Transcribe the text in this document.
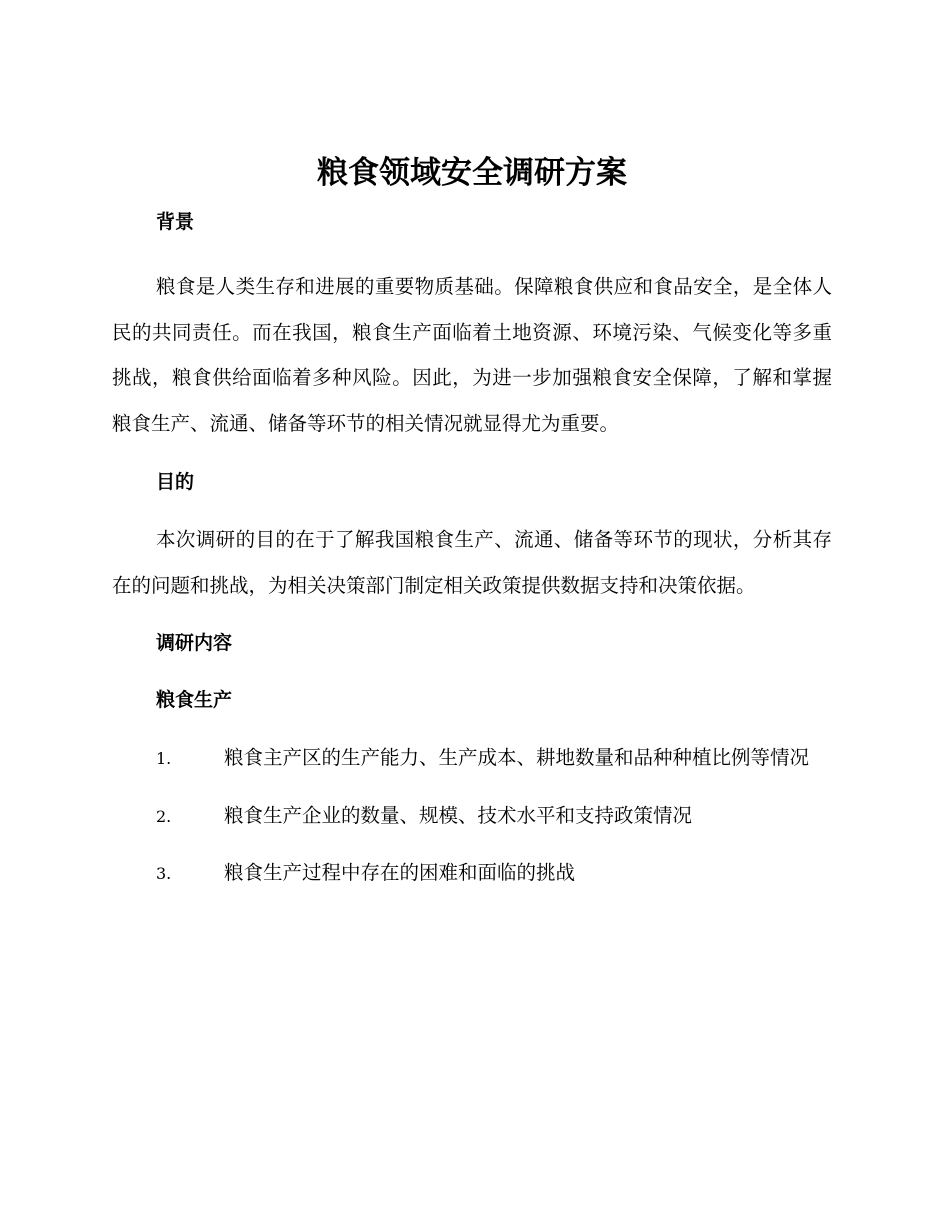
粮食领域安全调研方案
背景

粮食是人类生存和进展的重要物质基础。保障粮食供应和食品安全，是全体人民的共同责任。而在我国，粮食生产面临着土地资源、环境污染、气候变化等多重挑战，粮食供给面临着多种风险。因此，为进一步加强粮食安全保障，了解和掌握粮食生产、流通、储备等环节的相关情况就显得尤为重要。

目的

本次调研的目的在于了解我国粮食生产、流通、储备等环节的现状，分析其存在的问题和挑战，为相关决策部门制定相关政策提供数据支持和决策依据。

调研内容
粮食生产

1.	粮食主产区的生产能力、生产成本、耕地数量和品种种植比例等情况

2.	粮食生产企业的数量、规模、技术水平和支持政策情况

3.	粮食生产过程中存在的困难和面临的挑战
